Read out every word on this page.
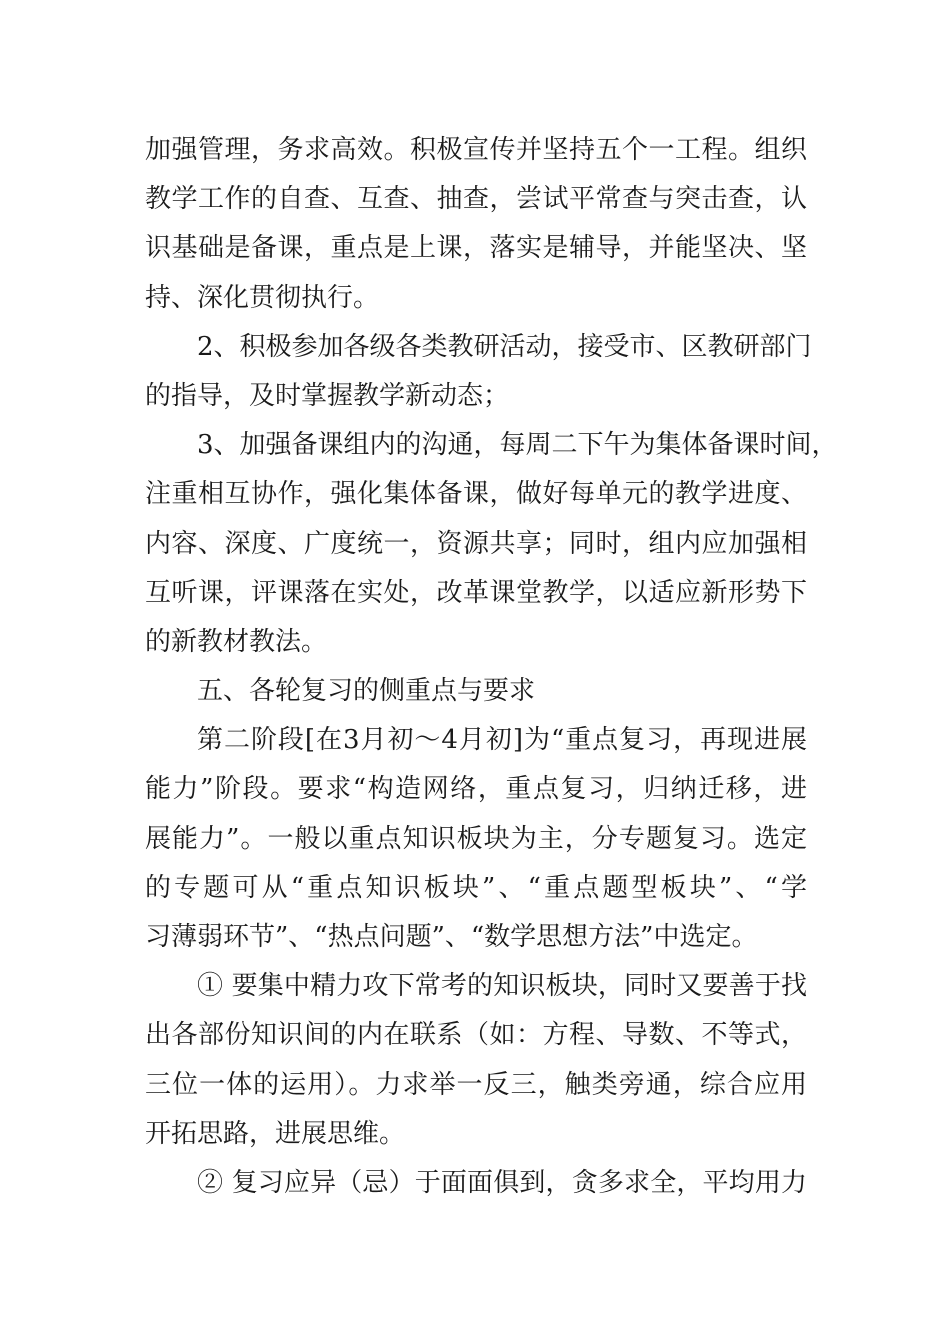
加强管理，务求高效。积极宣传并坚持五个一工程。组织
教学工作的自查、互查、抽查，尝试平常查与突击查，认
识基础是备课，重点是上课，落实是辅导，并能坚决、坚
持、深化贯彻执行。
2、积极参加各级各类教研活动，接受市、区教研部门
的指导，及时掌握教学新动态；
3、加强备课组内的沟通，每周二下午为集体备课时间，
注重相互协作，强化集体备课，做好每单元的教学进度、
内容、深度、广度统一，资源共享；同时，组内应加强相
互听课，评课落在实处，改革课堂教学，以适应新形势下
的新教材教法。
五、各轮复习的侧重点与要求
第二阶段[在3月初～4月初]为“重点复习，再现进展
能力”阶段。要求“构造网络，重点复习，归纳迁移，进
展能力”。一般以重点知识板块为主，分专题复习。选定
的专题可从“重点知识板块”、“重点题型板块”、“学
习薄弱环节”、“热点问题”、“数学思想方法”中选定。
① 要集中精力攻下常考的知识板块，同时又要善于找
出各部份知识间的内在联系（如：方程、导数、不等式，
三位一体的运用）。力求举一反三，触类旁通，综合应用
开拓思路，进展思维。
② 复习应异（忌）于面面俱到，贪多求全，平均用力
